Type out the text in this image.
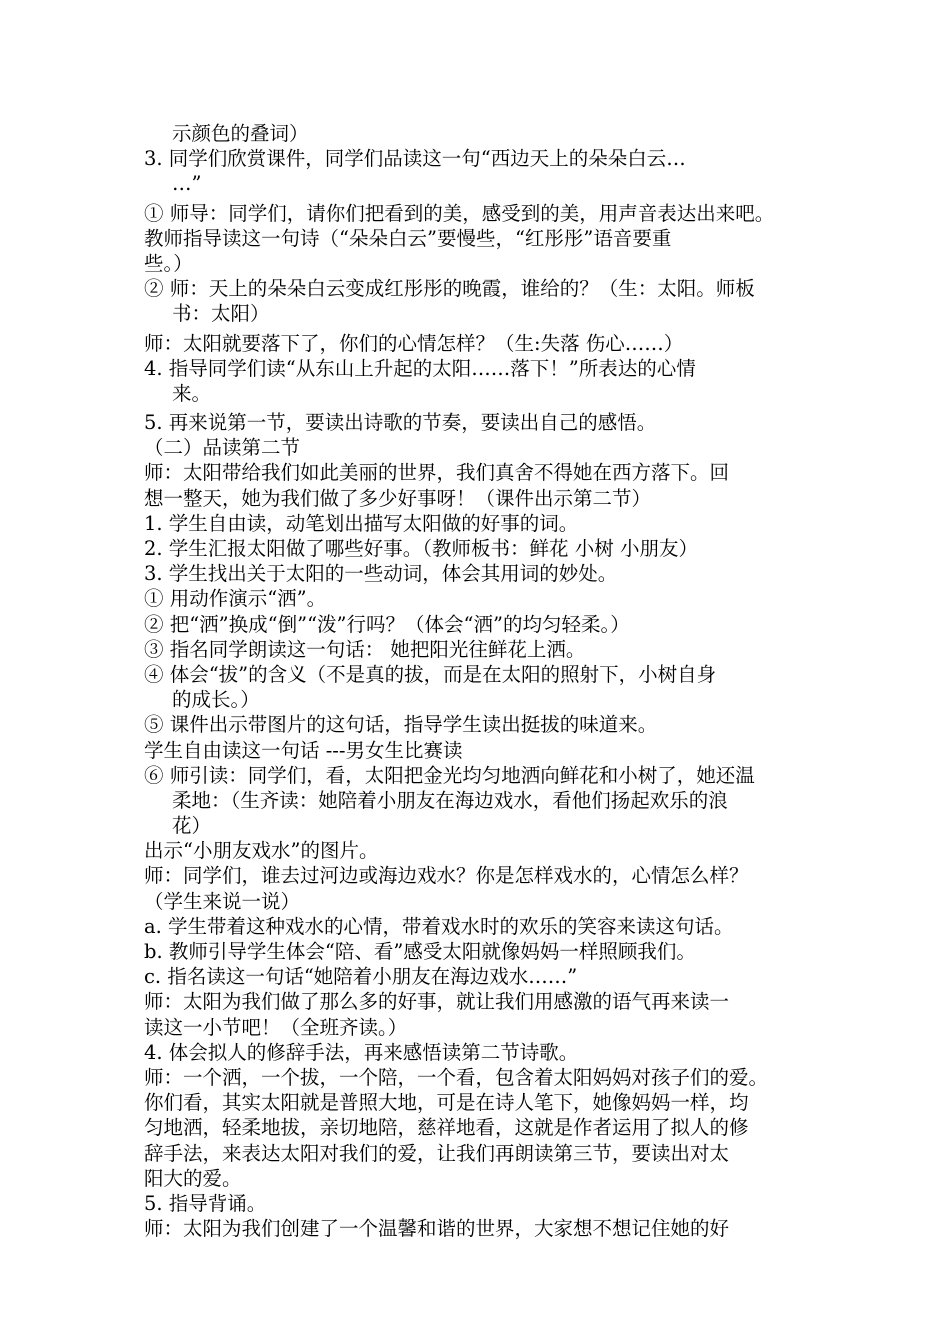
示颜色的叠词）
3. 同学们欣赏课件，同学们品读这一句“西边天上的朵朵白云…
…”
① 师导：同学们，请你们把看到的美，感受到的美，用声音表达出来吧。
教师指导读这一句诗（“朵朵白云”要慢些，“红彤彤”语音要重
些。）
② 师：天上的朵朵白云变成红彤彤的晚霞，谁给的？（生：太阳。师板
书：太阳）
师：太阳就要落下了，你们的心情怎样？（生:失落 伤心……）
4. 指导同学们读“从东山上升起的太阳……落下！”所表达的心情
来。
5. 再来说第一节，要读出诗歌的节奏，要读出自己的感悟。
（二）品读第二节
师：太阳带给我们如此美丽的世界，我们真舍不得她在西方落下。回
想一整天，她为我们做了多少好事呀！（课件出示第二节）
1. 学生自由读，动笔划出描写太阳做的好事的词。
2. 学生汇报太阳做了哪些好事。（教师板书：鲜花 小树 小朋友）
3. 学生找出关于太阳的一些动词，体会其用词的妙处。
① 用动作演示“洒”。
② 把“洒”换成“倒”“泼”行吗？（体会“洒”的均匀轻柔。）
③ 指名同学朗读这一句话： 她把阳光往鲜花上洒。
④ 体会“拔”的含义（不是真的拔，而是在太阳的照射下，小树自身
的成长。）
⑤ 课件出示带图片的这句话，指导学生读出挺拔的味道来。
学生自由读这一句话 ---男女生比赛读
⑥ 师引读：同学们，看，太阳把金光均匀地洒向鲜花和小树了，她还温
柔地：（生齐读：她陪着小朋友在海边戏水，看他们扬起欢乐的浪
花）
出示“小朋友戏水”的图片。
师：同学们，谁去过河边或海边戏水？你是怎样戏水的，心情怎么样？
（学生来说一说）
a. 学生带着这种戏水的心情，带着戏水时的欢乐的笑容来读这句话。
b. 教师引导学生体会“陪、看”感受太阳就像妈妈一样照顾我们。
c. 指名读这一句话“她陪着小朋友在海边戏水……”
师：太阳为我们做了那么多的好事，就让我们用感激的语气再来读一
读这一小节吧！（全班齐读。）
4. 体会拟人的修辞手法，再来感悟读第二节诗歌。
师：一个洒，一个拔，一个陪，一个看，包含着太阳妈妈对孩子们的爱。
你们看，其实太阳就是普照大地，可是在诗人笔下，她像妈妈一样，均
匀地洒，轻柔地拔，亲切地陪，慈祥地看，这就是作者运用了拟人的修
辞手法，来表达太阳对我们的爱，让我们再朗读第三节，要读出对太
阳大的爱。
5. 指导背诵。
师：太阳为我们创建了一个温馨和谐的世界，大家想不想记住她的好
